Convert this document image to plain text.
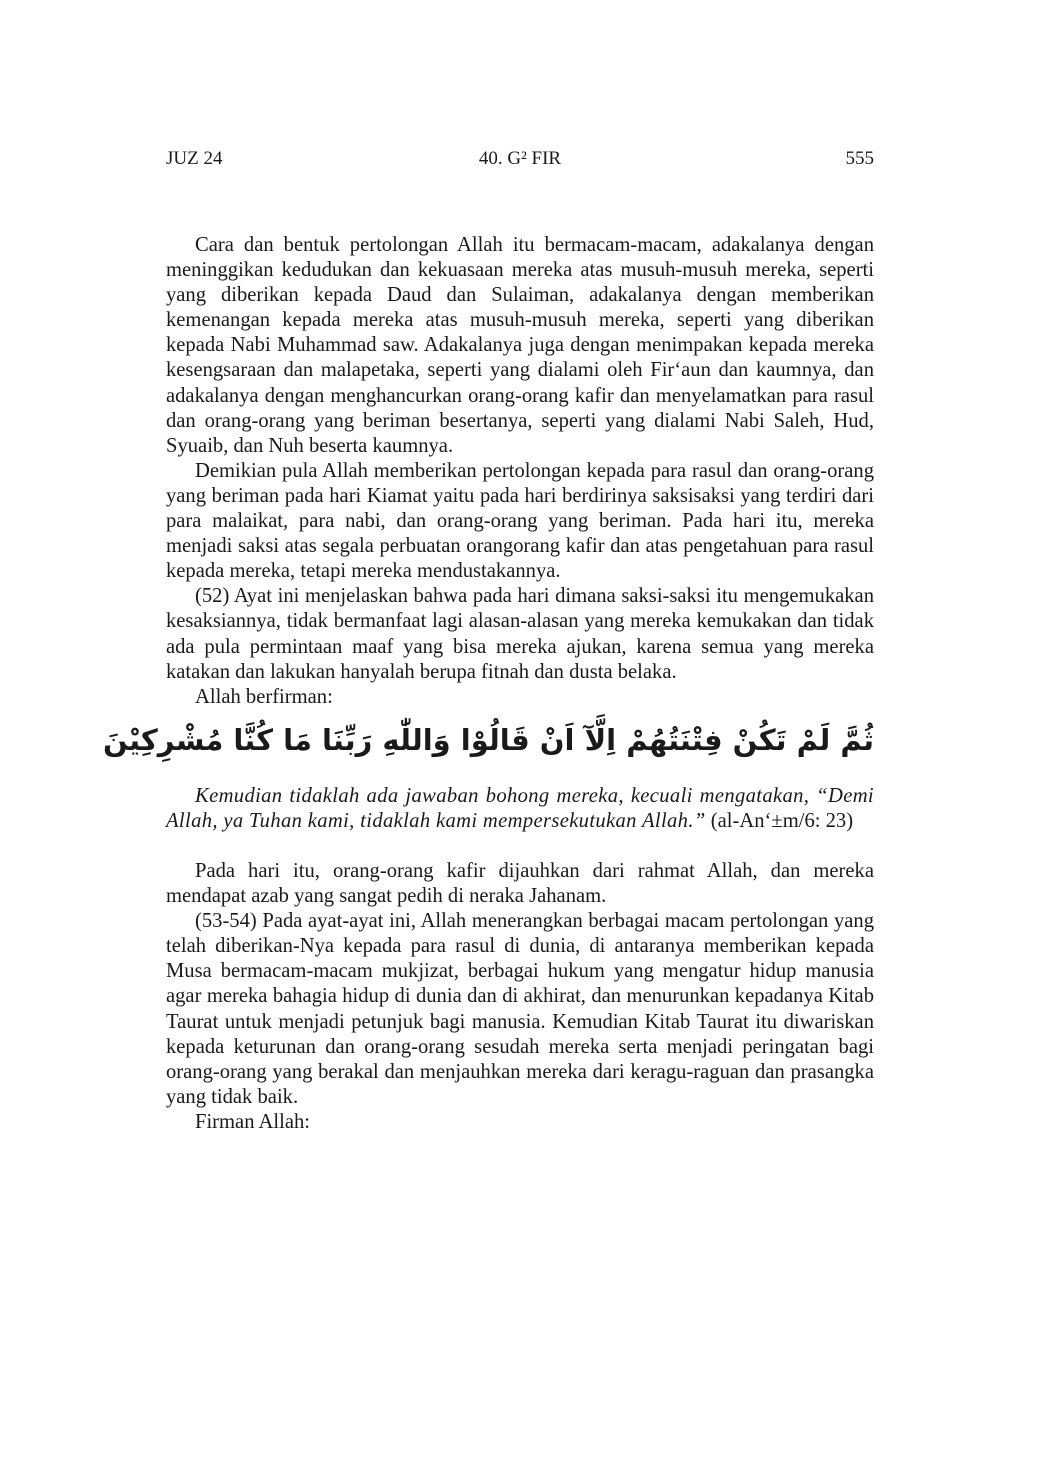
JUZ 24	40. G² FIR	555

Cara dan bentuk pertolongan Allah itu bermacam-macam, adakalanya dengan meninggikan kedudukan dan kekuasaan mereka atas musuh-musuh mereka, seperti yang diberikan kepada Daud dan Sulaiman, adakalanya dengan memberikan kemenangan kepada mereka atas musuh-musuh mereka, seperti yang diberikan kepada Nabi Muhammad saw. Adakalanya juga dengan menimpakan kepada mereka kesengsaraan dan malapetaka, seperti yang dialami oleh Fir‘aun dan kaumnya, dan adakalanya dengan menghancurkan orang-orang kafir dan menyelamatkan para rasul dan orang-orang yang beriman besertanya, seperti yang dialami Nabi Saleh, Hud, Syuaib, dan Nuh beserta kaumnya.

Demikian pula Allah memberikan pertolongan kepada para rasul dan orang-orang yang beriman pada hari Kiamat yaitu pada hari berdirinya saksisaksi yang terdiri dari para malaikat, para nabi, dan orang-orang yang beriman. Pada hari itu, mereka menjadi saksi atas segala perbuatan orangorang kafir dan atas pengetahuan para rasul kepada mereka, tetapi mereka mendustakannya.

(52) Ayat ini menjelaskan bahwa pada hari dimana saksi-saksi itu mengemukakan kesaksiannya, tidak bermanfaat lagi alasan-alasan yang mereka kemukakan dan tidak ada pula permintaan maaf yang bisa mereka ajukan, karena semua yang mereka katakan dan lakukan hanyalah berupa fitnah dan dusta belaka.

Allah berfirman:

ثُمَّ لَمْ تَكُنْ فِتْنَتُهُمْ اِلَّآ اَنْ قَالُوْا وَاللّٰهِ رَبِّنَا مَا كُنَّا مُشْرِكِيْنَ

Kemudian tidaklah ada jawaban bohong mereka, kecuali mengatakan, “Demi Allah, ya Tuhan kami, tidaklah kami mempersekutukan Allah.” (al-An‘±m/6: 23)

Pada hari itu, orang-orang kafir dijauhkan dari rahmat Allah, dan mereka mendapat azab yang sangat pedih di neraka Jahanam.

(53-54) Pada ayat-ayat ini, Allah menerangkan berbagai macam pertolongan yang telah diberikan-Nya kepada para rasul di dunia, di antaranya memberikan kepada Musa bermacam-macam mukjizat, berbagai hukum yang mengatur hidup manusia agar mereka bahagia hidup di dunia dan di akhirat, dan menurunkan kepadanya Kitab Taurat untuk menjadi petunjuk bagi manusia. Kemudian Kitab Taurat itu diwariskan kepada keturunan dan orang-orang sesudah mereka serta menjadi peringatan bagi orang-orang yang berakal dan menjauhkan mereka dari keragu-raguan dan prasangka yang tidak baik.

Firman Allah:
